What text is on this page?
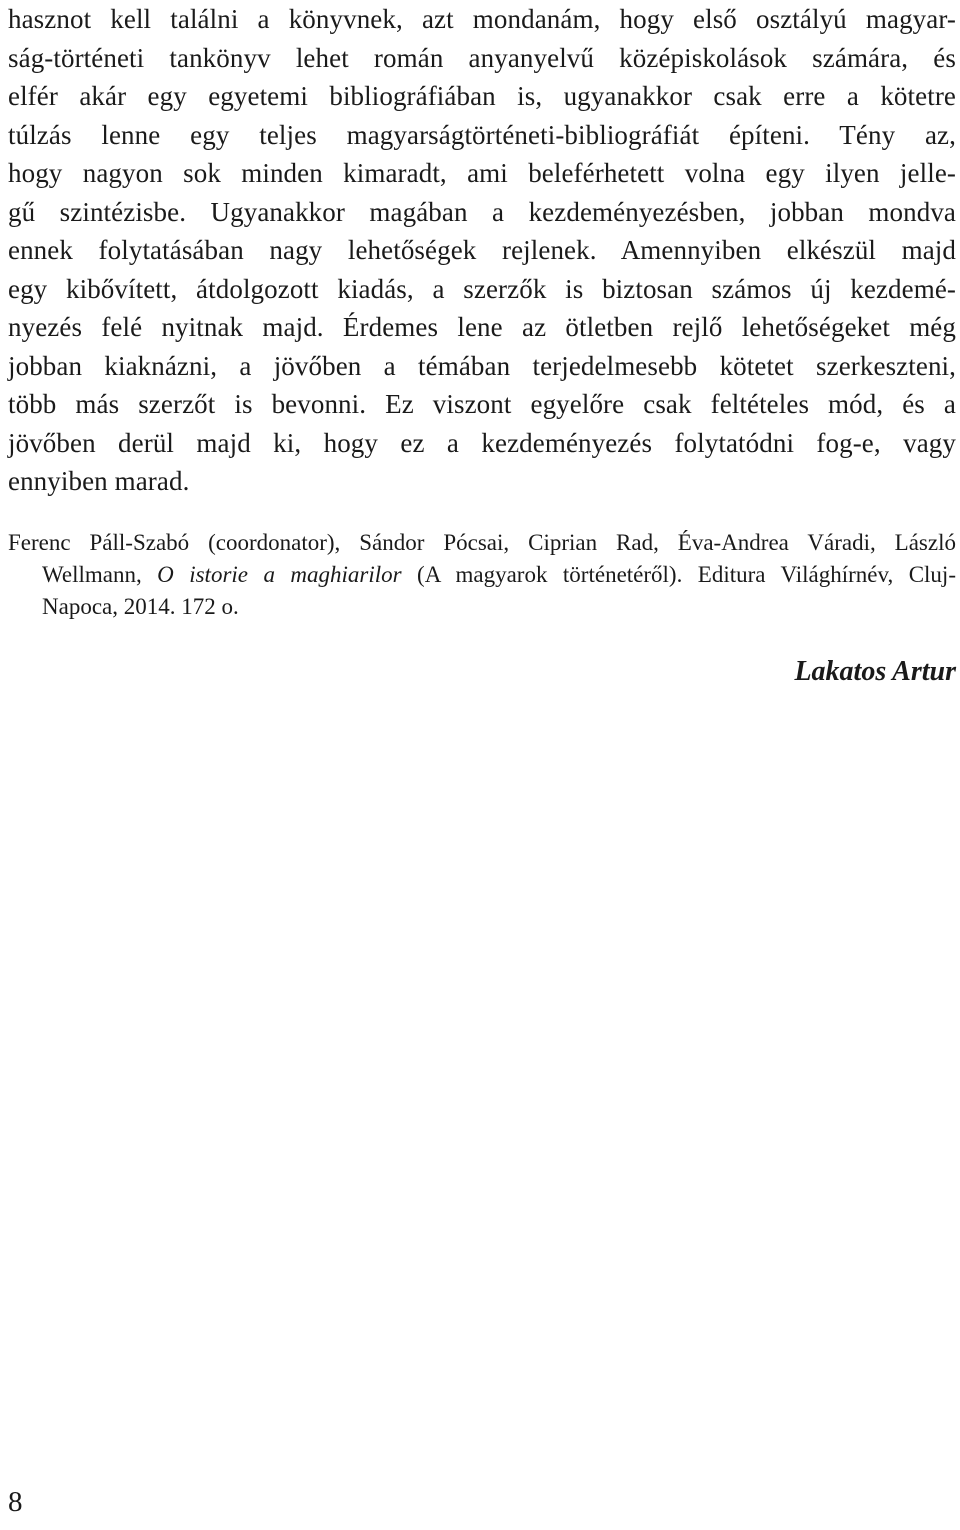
hasznot kell találni a könyvnek, azt mondanám, hogy első osztályú magyar-
ság-történeti tankönyv lehet román anyanyelvű középiskolások számára, és
elfér akár egy egyetemi bibliográfiában is, ugyanakkor csak erre a kötetre
túlzás lenne egy teljes magyarságtörténeti-bibliográfiát építeni. Tény az,
hogy nagyon sok minden kimaradt, ami beleférhetett volna egy ilyen jelle-
gű szintézisbe. Ugyanakkor magában a kezdeményezésben, jobban mondva
ennek folytatásában nagy lehetőségek rejlenek. Amennyiben elkészül majd
egy kibővített, átdolgozott kiadás, a szerzők is biztosan számos új kezdemé-
nyezés felé nyitnak majd. Érdemes lene az ötletben rejlő lehetőségeket még
jobban kiaknázni, a jövőben a témában terjedelmesebb kötetet szerkeszteni,
több más szerzőt is bevonni. Ez viszont egyelőre csak feltételes mód, és a
jövőben derül majd ki, hogy ez a kezdeményezés folytatódni fog-e, vagy
ennyiben marad.
Ferenc Páll-Szabó (coordonator), Sándor Pócsai, Ciprian Rad, Éva-Andrea Váradi, László
Wellmann, O istorie a maghiarilor (A magyarok történetéről). Editura Világhírnév, Cluj-
Napoca, 2014. 172 o.

Lakatos Artur

8
